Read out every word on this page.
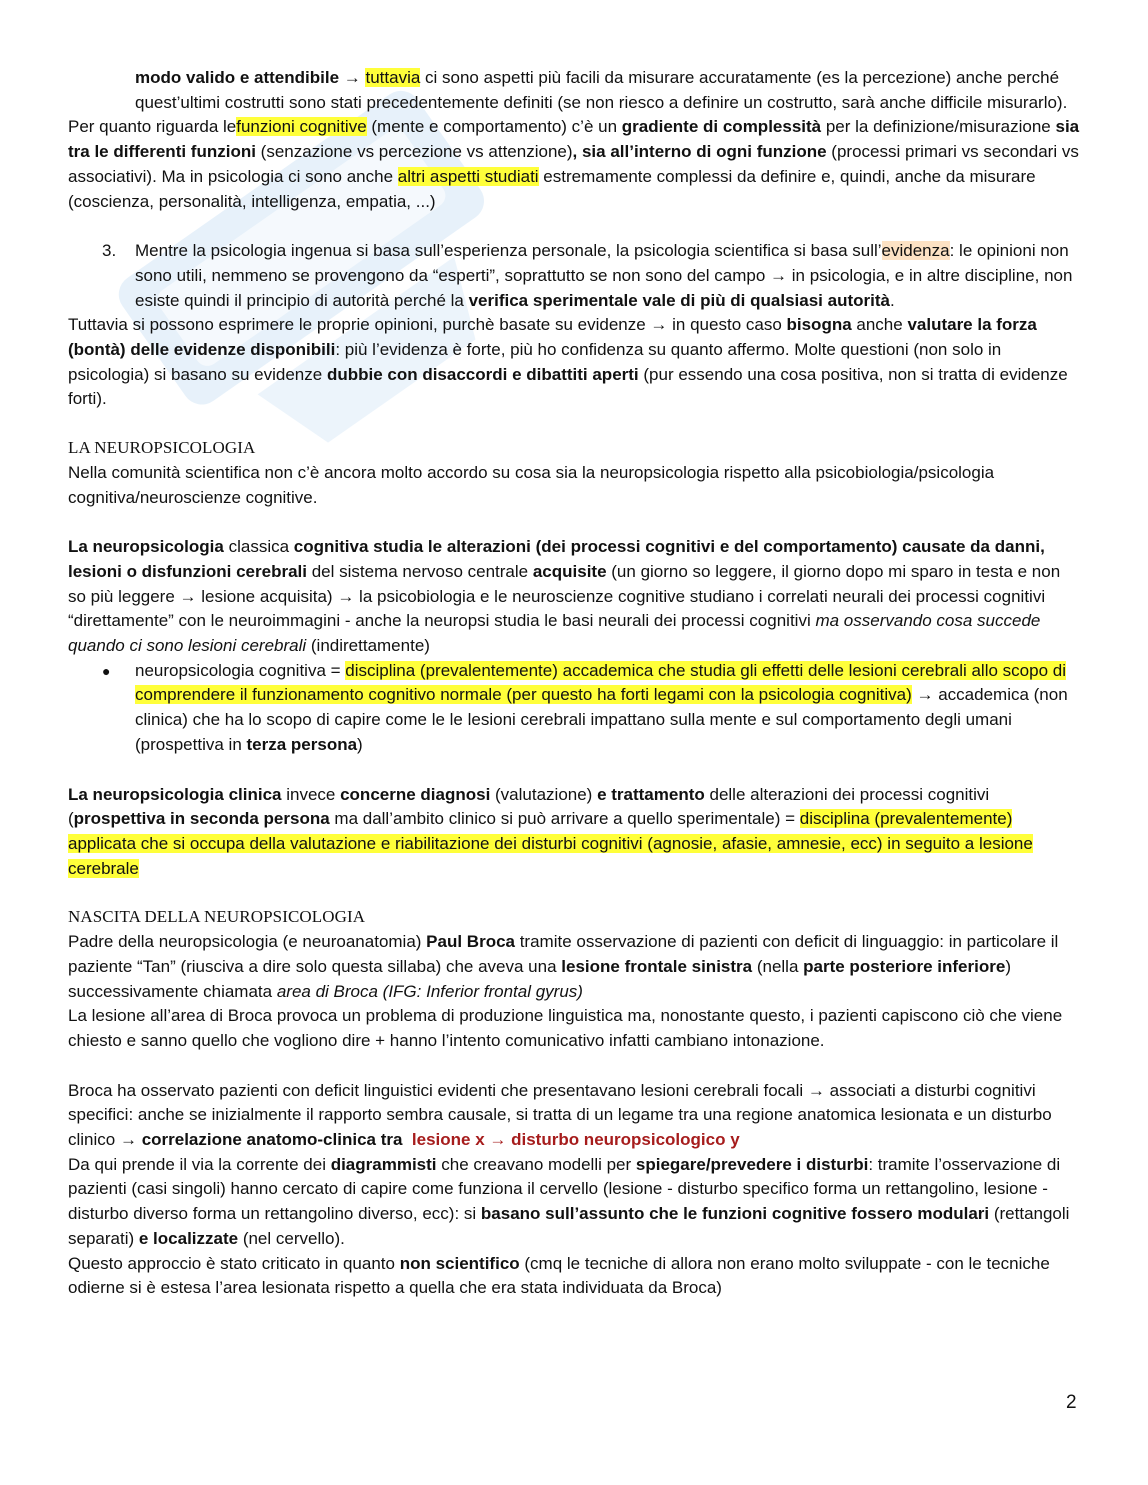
modo valido e attendibile → tuttavia ci sono aspetti più facili da misurare accuratamente (es la percezione) anche perché quest’ultimi costrutti sono stati precedentemente definiti (se non riesco a definire un costrutto, sarà anche difficile misurarlo).

Per quanto riguarda lefunzioni cognitive (mente e comportamento) c’è un gradiente di complessità per la definizione/misurazione sia tra le differenti funzioni (senzazione vs percezione vs attenzione), sia all’interno di ogni funzione (processi primari vs secondari vs associativi). Ma in psicologia ci sono anche altri aspetti studiati estremamente complessi da definire e, quindi, anche da misurare (coscienza, personalità, intelligenza, empatia, ...)

3. Mentre la psicologia ingenua si basa sull’esperienza personale, la psicologia scientifica si basa sull’evidenza: le opinioni non sono utili, nemmeno se provengono da “esperti”, soprattutto se non sono del campo → in psicologia, e in altre discipline, non esiste quindi il principio di autorità perché la verifica sperimentale vale di più di qualsiasi autorità.

Tuttavia si possono esprimere le proprie opinioni, purchè basate su evidenze → in questo caso bisogna anche valutare la forza (bontà) delle evidenze disponibili: più l’evidenza è forte, più ho confidenza su quanto affermo. Molte questioni (non solo in psicologia) si basano su evidenze dubbie con disaccordi e dibattiti aperti (pur essendo una cosa positiva, non si tratta di evidenze forti).

LA NEUROPSICOLOGIA

Nella comunità scientifica non c’è ancora molto accordo su cosa sia la neuropsicologia rispetto alla psicobiologia/psicologia cognitiva/neuroscienze cognitive.

La neuropsicologia classica cognitiva studia le alterazioni (dei processi cognitivi e del comportamento) causate da danni, lesioni o disfunzioni cerebrali del sistema nervoso centrale acquisite (un giorno so leggere, il giorno dopo mi sparo in testa e non so più leggere → lesione acquisita) → la psicobiologia e le neuroscienze cognitive studiano i correlati neurali dei processi cognitivi “direttamente” con le neuroimmagini - anche la neuropsi studia le basi neurali dei processi cognitivi ma osservando cosa succede quando ci sono lesioni cerebrali (indirettamente)

● neuropsicologia cognitiva = disciplina (prevalentemente) accademica che studia gli effetti delle lesioni cerebrali allo scopo di comprendere il funzionamento cognitivo normale (per questo ha forti legami con la psicologia cognitiva) → accademica (non clinica) che ha lo scopo di capire come le le lesioni cerebrali impattano sulla mente e sul comportamento degli umani (prospettiva in terza persona)

La neuropsicologia clinica invece concerne diagnosi (valutazione) e trattamento delle alterazioni dei processi cognitivi (prospettiva in seconda persona ma dall’ambito clinico si può arrivare a quello sperimentale) = disciplina (prevalentemente) applicata che si occupa della valutazione e riabilitazione dei disturbi cognitivi (agnosie, afasie, amnesie, ecc) in seguito a lesione cerebrale

NASCITA DELLA NEUROPSICOLOGIA

Padre della neuropsicologia (e neuroanatomia) Paul Broca tramite osservazione di pazienti con deficit di linguaggio: in particolare il paziente “Tan” (riusciva a dire solo questa sillaba) che aveva una lesione frontale sinistra (nella parte posteriore inferiore) successivamente chiamata area di Broca (IFG: Inferior frontal gyrus)

La lesione all’area di Broca provoca un problema di produzione linguistica ma, nonostante questo, i pazienti capiscono ciò che viene chiesto e sanno quello che vogliono dire + hanno l’intento comunicativo infatti cambiano intonazione.

Broca ha osservato pazienti con deficit linguistici evidenti che presentavano lesioni cerebrali focali → associati a disturbi cognitivi specifici: anche se inizialmente il rapporto sembra causale, si tratta di un legame tra una regione anatomica lesionata e un disturbo clinico → correlazione anatomo-clinica tra lesione x → disturbo neuropsicologico y

Da qui prende il via la corrente dei diagrammisti che creavano modelli per spiegare/prevedere i disturbi: tramite l’osservazione di pazienti (casi singoli) hanno cercato di capire come funziona il cervello (lesione - disturbo specifico forma un rettangolino, lesione - disturbo diverso forma un rettangolino diverso, ecc): si basano sull’assunto che le funzioni cognitive fossero modulari (rettangoli separati) e localizzate (nel cervello).

Questo approccio è stato criticato in quanto non scientifico (cmq le tecniche di allora non erano molto sviluppate - con le tecniche odierne si è estesa l’area lesionata rispetto a quella che era stata individuata da Broca)

2
